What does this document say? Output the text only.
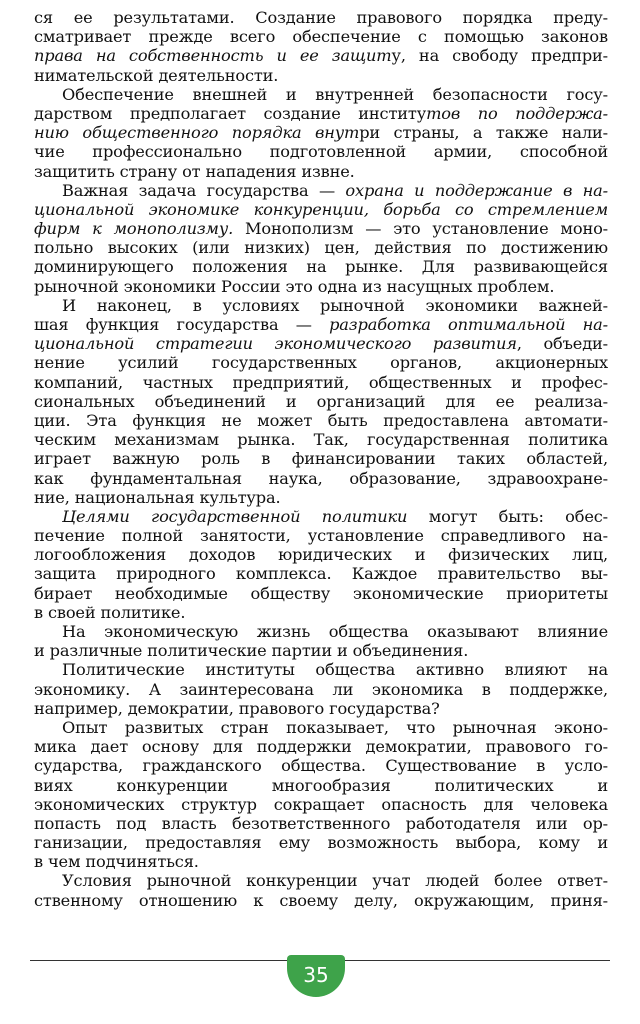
ся ее результатами. Создание правового порядка преду-
сматривает прежде всего обеспечение с помощью законов
права на собственность и ее защиту, на свободу предпри-
нимательской деятельности.
Обеспечение внешней и внутренней безопасности госу-
дарством предполагает создание институтов по поддержа-
нию общественного порядка внутри страны, а также нали-
чие профессионально подготовленной армии, способной
защитить страну от нападения извне.
Важная задача государства — охрана и поддержание в на-
циональной экономике конкуренции, борьба со стремлением
фирм к монополизму. Монополизм — это установление моно-
польно высоких (или низких) цен, действия по достижению
доминирующего положения на рынке. Для развивающейся
рыночной экономики России это одна из насущных проблем.
И наконец, в условиях рыночной экономики важней-
шая функция государства — разработка оптимальной на-
циональной стратегии экономического развития, объеди-
нение усилий государственных органов, акционерных
компаний, частных предприятий, общественных и профес-
сиональных объединений и организаций для ее реализа-
ции. Эта функция не может быть предоставлена автомати-
ческим механизмам рынка. Так, государственная политика
играет важную роль в финансировании таких областей,
как фундаментальная наука, образование, здравоохране-
ние, национальная культура.
Целями государственной политики могут быть: обес-
печение полной занятости, установление справедливого на-
логообложения доходов юридических и физических лиц,
защита природного комплекса. Каждое правительство вы-
бирает необходимые обществу экономические приоритеты
в своей политике.
На экономическую жизнь общества оказывают влияние
и различные политические партии и объединения.
Политические институты общества активно влияют на
экономику. А заинтересована ли экономика в поддержке,
например, демократии, правового государства?
Опыт развитых стран показывает, что рыночная эконо-
мика дает основу для поддержки демократии, правового го-
сударства, гражданского общества. Существование в усло-
виях конкуренции многообразия политических и
экономических структур сокращает опасность для человека
попасть под власть безответственного работодателя или ор-
ганизации, предоставляя ему возможность выбора, кому и
в чем подчиняться.
Условия рыночной конкуренции учат людей более ответ-
ственному отношению к своему делу, окружающим, приня-
35
